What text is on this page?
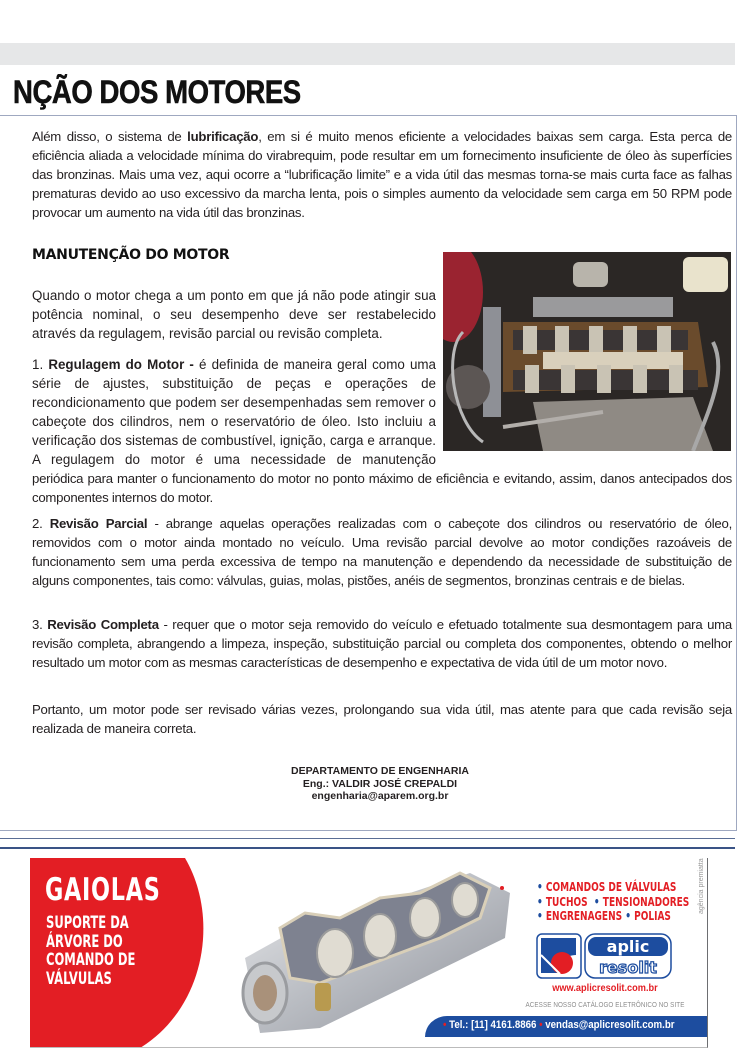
NÇÃO DOS MOTORES

Além disso, o sistema de lubrificação, em si é muito menos eficiente a velocidades baixas sem carga. Esta perca de eficiência aliada a velocidade mínima do virabrequim, pode resultar em um fornecimento insuficiente de óleo às superfícies das bronzinas. Mais uma vez, aqui ocorre a “lubrificação limite” e a vida útil das mesmas torna-se mais curta face as falhas prematuras devido ao uso excessivo da marcha lenta, pois o simples aumento da velocidade sem carga em 50 RPM pode provocar um aumento na vida útil das bronzinas.

MANUTENÇÃO DO MOTOR

Quando o motor chega a um ponto em que já não pode atingir sua potência nominal, o seu desempenho deve ser restabelecido através da regulagem, revisão parcial ou revisão completa.

1. Regulagem do Motor - é definida de maneira geral como uma série de ajustes, substituição de peças e operações de recondicionamento que podem ser desempenhadas sem remover o cabeçote dos cilindros, nem o reservatório de óleo. Isto incluiu a verificação dos sistemas de combustível, ignição, carga e arranque. A regulagem do motor é uma necessidade de manutenção

periódica para manter o funcionamento do motor no ponto máximo de eficiência e evitando, assim, danos antecipados dos componentes internos do motor.

2. Revisão Parcial - abrange aquelas operações realizadas com o cabeçote dos cilindros ou reservatório de óleo, removidos com o motor ainda montado no veículo. Uma revisão parcial devolve ao motor condições razoáveis de funcionamento sem uma perda excessiva de tempo na manutenção e dependendo da necessidade de substituição de alguns componentes, tais como: válvulas, guias, molas, pistões, anéis de segmentos, bronzinas centrais e de bielas.

3. Revisão Completa - requer que o motor seja removido do veículo e efetuado totalmente sua desmontagem para uma revisão completa, abrangendo a limpeza, inspeção, substituição parcial ou completa dos componentes, obtendo o melhor resultado um motor com as mesmas características de desempenho e expectativa de vida útil de um motor novo.

Portanto, um motor pode ser revisado várias vezes, prolongando sua vida útil, mas atente para que cada revisão seja realizada de maneira correta.

DEPARTAMENTO DE ENGENHARIA
Eng.: VALDIR JOSÉ CREPALDI
engenharia@aparem.org.br
GAIOLAS
SUPORTE DA
ÁRVORE DO
COMANDO DE
VÁLVULAS
• COMANDOS DE VÁLVULAS
• TUCHOS • TENSIONADORES
• ENGRENAGENS • POLIAS
agência premiatta
aplic
resolit
www.aplicresolit.com.br
ACESSE NOSSO CATÁLOGO ELETRÔNICO NO SITE
• Tel.: [11] 4161.8866 • vendas@aplicresolit.com.br
